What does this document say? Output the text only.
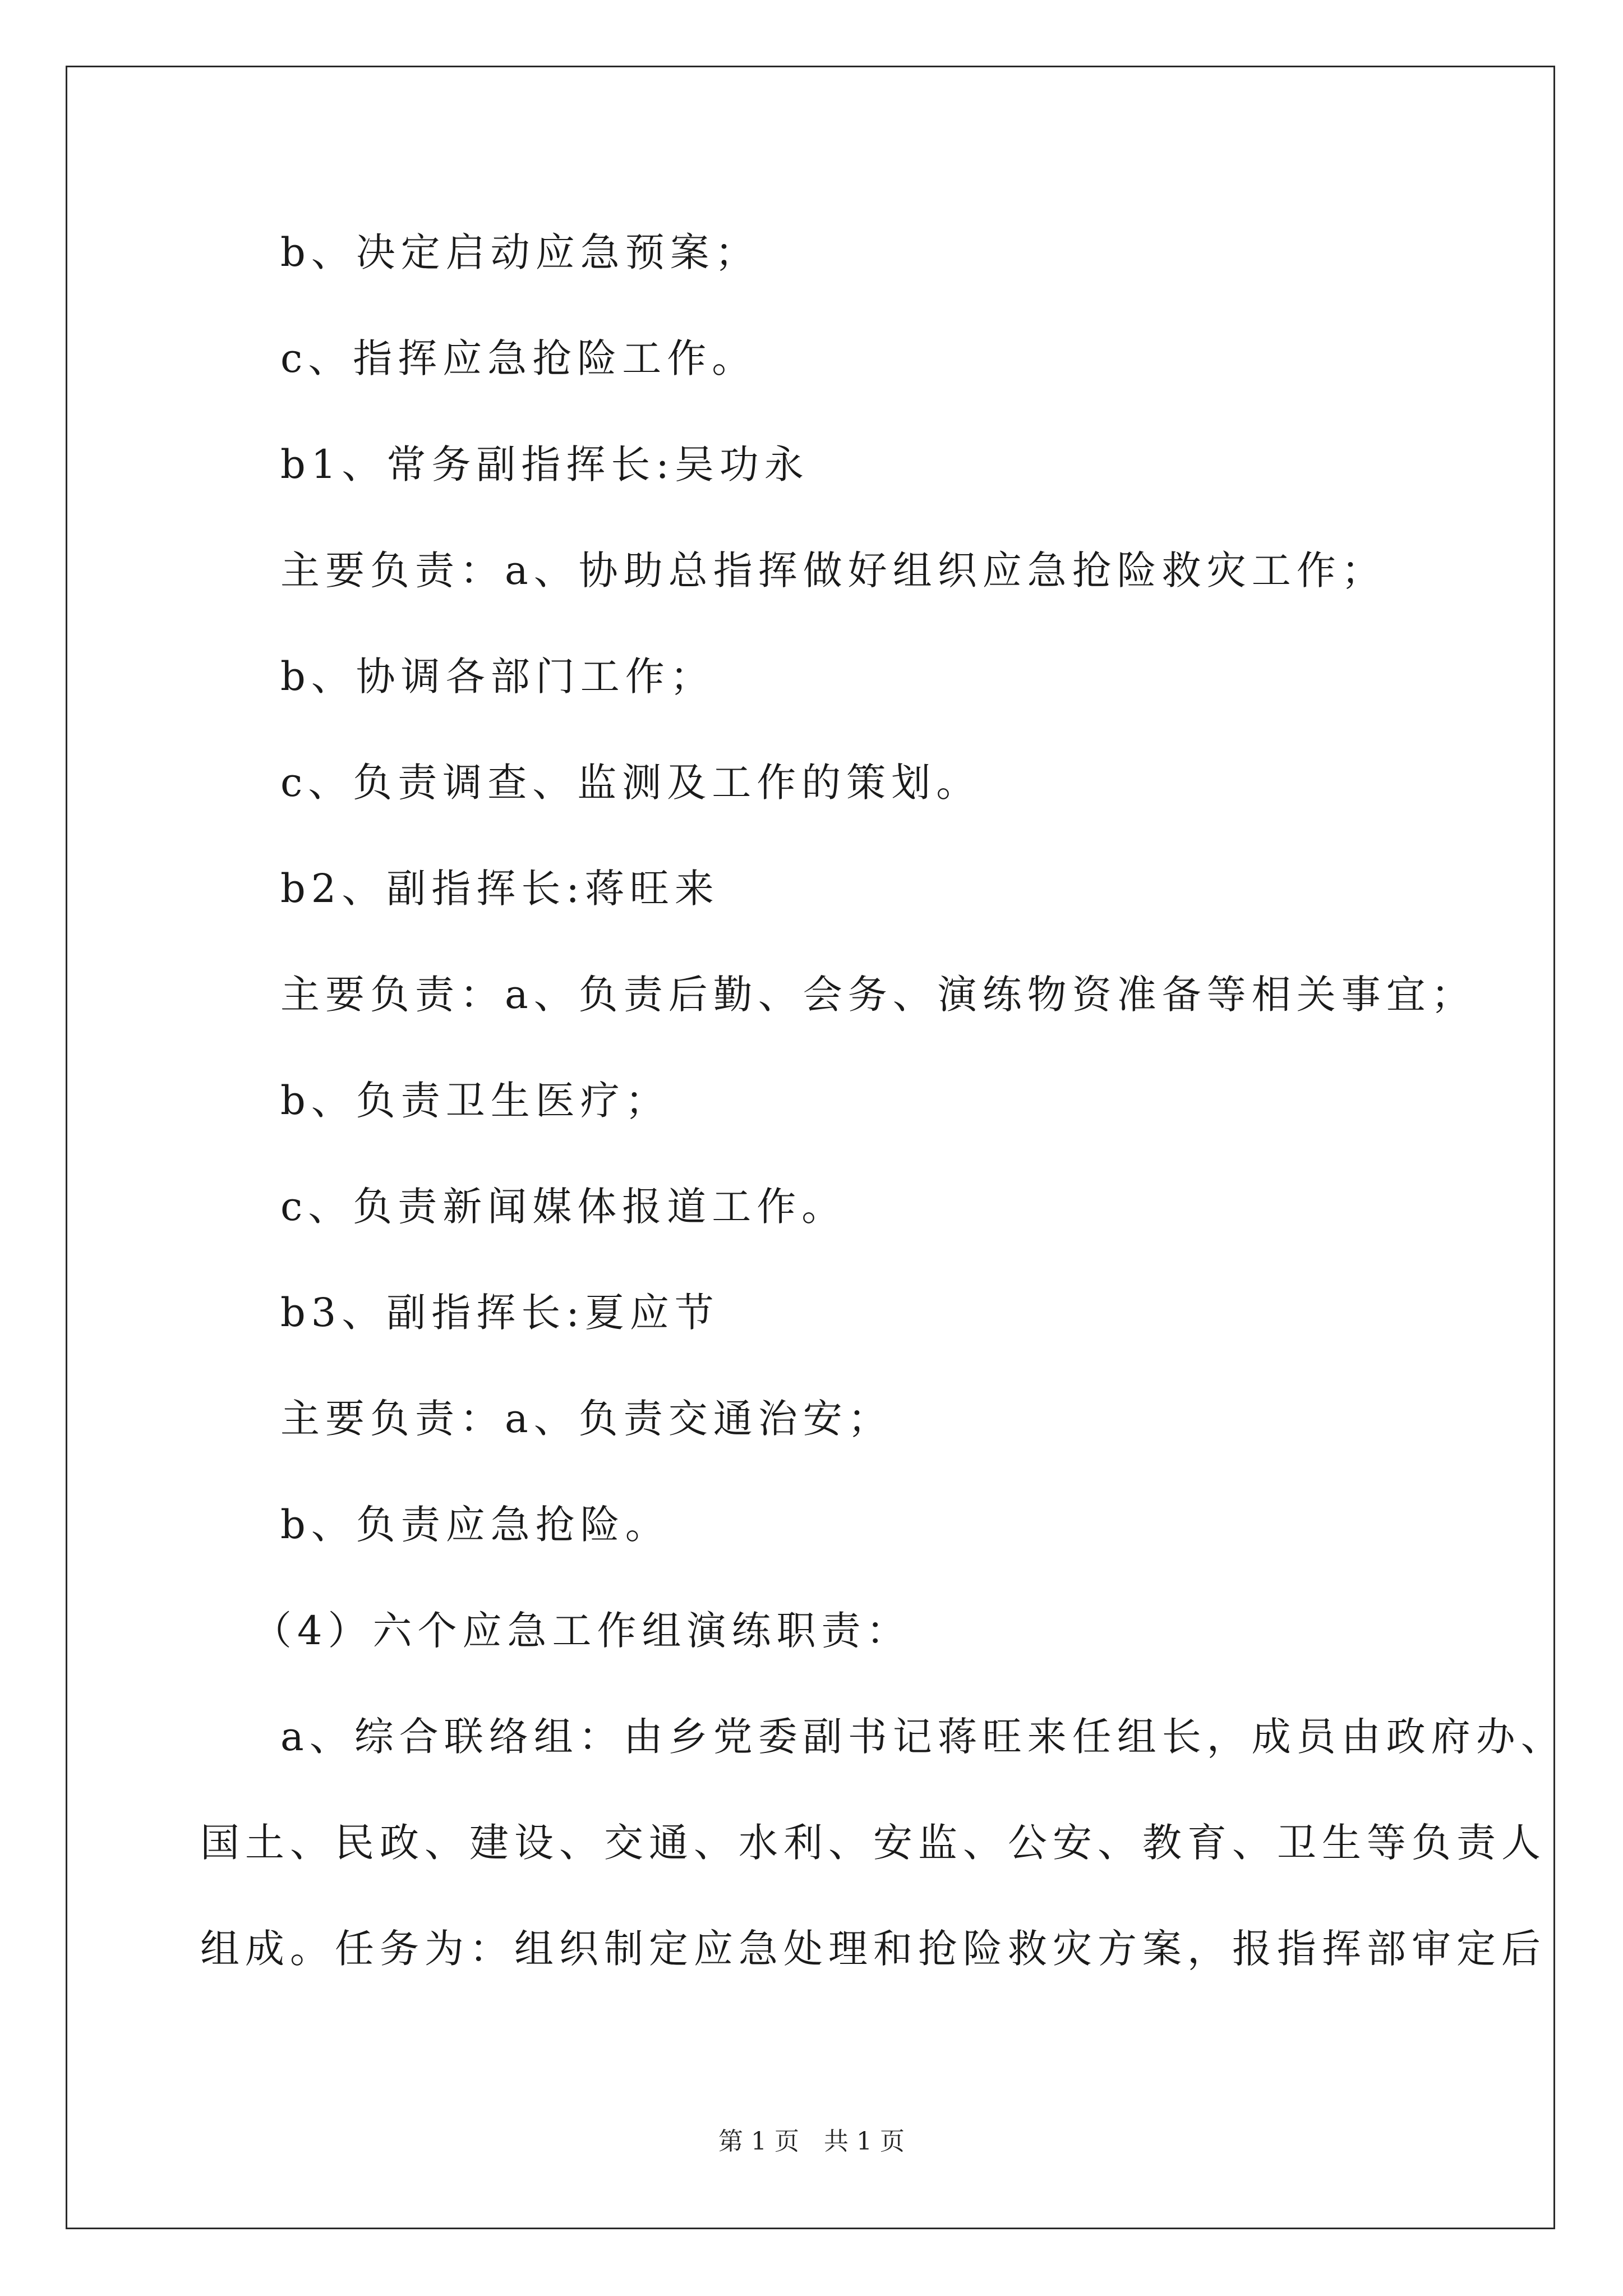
b、决定启动应急预案；
c、指挥应急抢险工作。
b1、常务副指挥长:吴功永
主要负责：a、协助总指挥做好组织应急抢险救灾工作；
b、协调各部门工作；
c、负责调查、监测及工作的策划。
b2、副指挥长:蒋旺来
主要负责：a、负责后勤、会务、演练物资准备等相关事宜；
b、负责卫生医疗；
c、负责新闻媒体报道工作。
b3、副指挥长:夏应节
主要负责：a、负责交通治安；
b、负责应急抢险。
（4）六个应急工作组演练职责：
a、综合联络组：由乡党委副书记蒋旺来任组长，成员由政府办、
国土、民政、建设、交通、水利、安监、公安、教育、卫生等负责人
组成。任务为：组织制定应急处理和抢险救灾方案，报指挥部审定后
第 1 页　共 1 页
